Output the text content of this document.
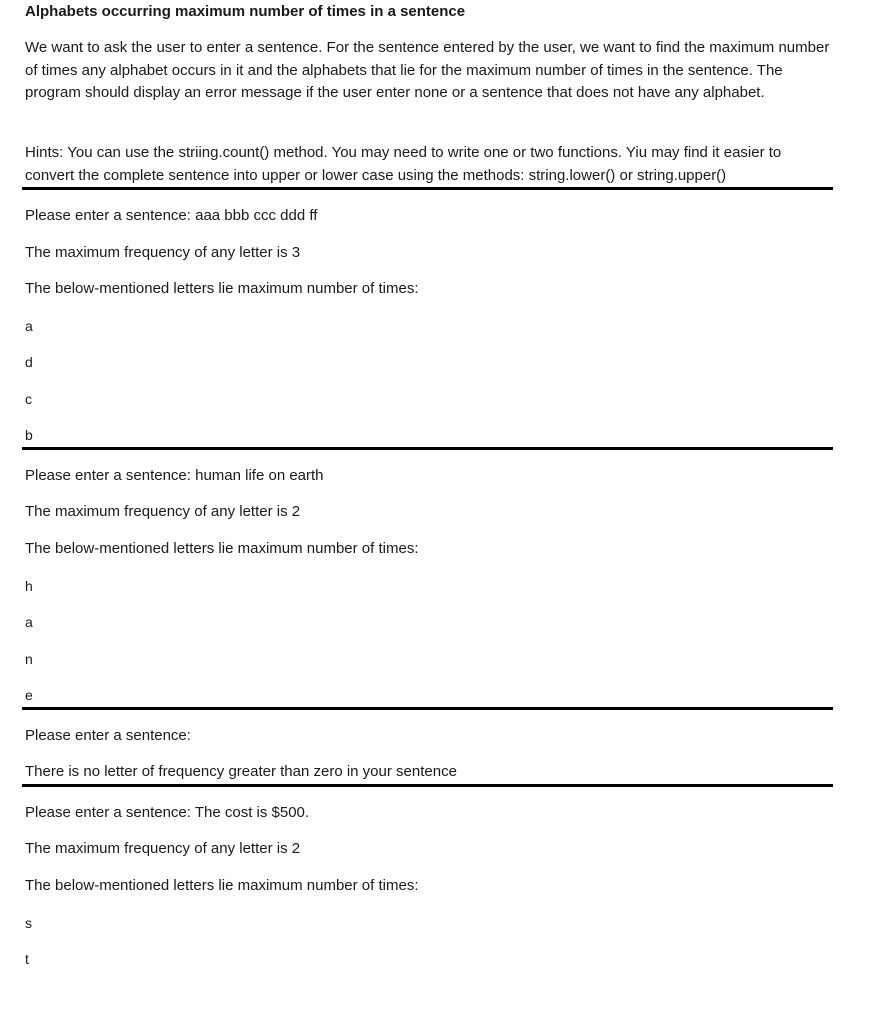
Alphabets occurring maximum number of times in a sentence
We want to ask the user to enter a sentence. For the sentence entered by the user, we want to find the maximum number of times any alphabet occurs in it and the alphabets that lie for the maximum number of times in the sentence. The program should display an error message if the user enter none or a sentence that does not have any alphabet.
Hints: You can use the striing.count() method. You may need to write one or two functions. Yiu may find it easier to convert the complete sentence into upper or lower case using the methods: string.lower() or string.upper()
Please enter a sentence: aaa bbb ccc ddd ff
The maximum frequency of any letter is 3
The below-mentioned letters lie maximum number of times:
a
d
c
b
Please enter a sentence: human life on earth
The maximum frequency of any letter is 2
The below-mentioned letters lie maximum number of times:
h
a
n
e
Please enter a sentence:
There is no letter of frequency greater than zero in your sentence
Please enter a sentence: The cost is $500.
The maximum frequency of any letter is 2
The below-mentioned letters lie maximum number of times:
s
t
